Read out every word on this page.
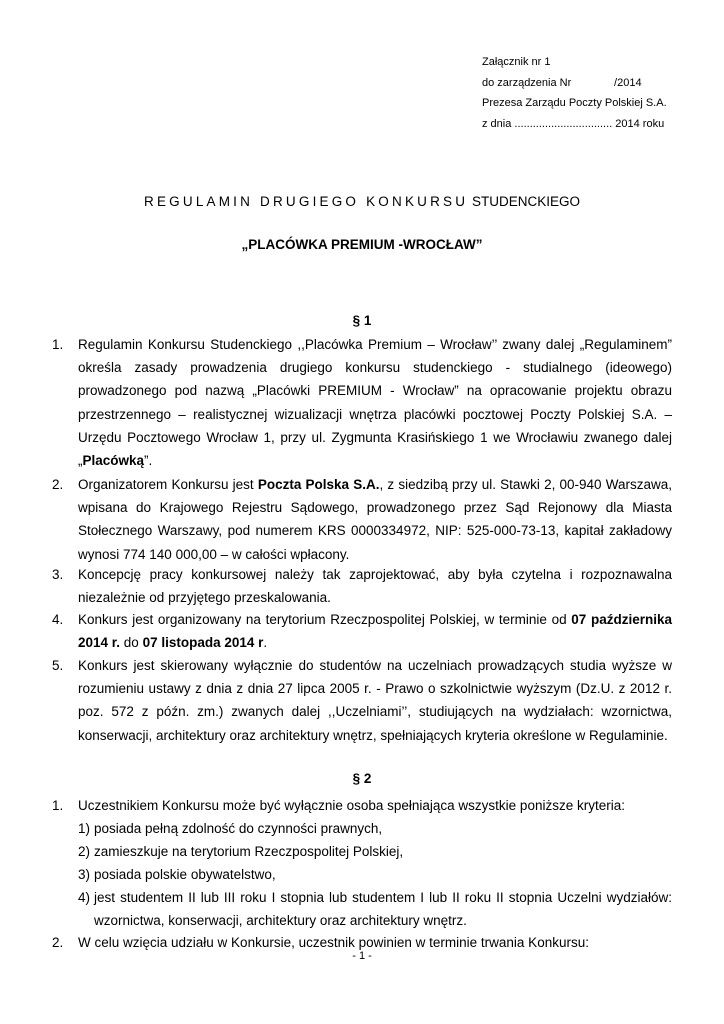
Załącznik nr 1
do zarządzenia Nr              /2014
Prezesa Zarządu Poczty Polskiej S.A.
z dnia ................................ 2014 roku
REGULAMIN DRUGIEGO KONKURSU STUDENCKIEGO
„PLACÓWKA PREMIUM -WROCŁAW”
§ 1
1. Regulamin Konkursu Studenckiego ,,Placówka Premium – Wrocław’’ zwany dalej „Regulaminem” określa zasady prowadzenia drugiego konkursu studenckiego - studialnego (ideowego) prowadzonego pod nazwą „Placówki PREMIUM - Wrocław” na opracowanie projektu obrazu przestrzennego – realistycznej wizualizacji wnętrza placówki pocztowej Poczty Polskiej S.A. – Urzędu Pocztowego Wrocław 1, przy ul. Zygmunta Krasińskiego 1 we Wrocławiu zwanego dalej „Placówką”.
2. Organizatorem Konkursu jest Poczta Polska S.A., z siedzibą przy ul. Stawki 2, 00-940 Warszawa, wpisana do Krajowego Rejestru Sądowego, prowadzonego przez Sąd Rejonowy dla Miasta Stołecznego Warszawy, pod numerem KRS 0000334972, NIP: 525-000-73-13, kapitał zakładowy wynosi 774 140 000,00 – w całości wpłacony.
3. Koncepcję pracy konkursowej należy tak zaprojektować, aby była czytelna i rozpoznawalna niezależnie od przyjętego przeskalowania.
4. Konkurs jest organizowany na terytorium Rzeczpospolitej Polskiej, w terminie od 07 października 2014 r. do 07 listopada 2014 r.
5. Konkurs jest skierowany wyłącznie do studentów na uczelniach prowadzących studia wyższe w rozumieniu ustawy z dnia z dnia 27 lipca 2005 r. - Prawo o szkolnictwie wyższym (Dz.U. z 2012 r. poz. 572 z późn. zm.) zwanych dalej ,,Uczelniami’’, studiujących na wydziałach: wzornictwa, konserwacji, architektury oraz architektury wnętrz, spełniających kryteria określone w Regulaminie.
§ 2
1. Uczestnikiem Konkursu może być wyłącznie osoba spełniająca wszystkie poniższe kryteria:
1) posiada pełną zdolność do czynności prawnych,
2) zamieszkuje na terytorium Rzeczpospolitej Polskiej,
3) posiada polskie obywatelstwo,
4) jest studentem II lub III roku I stopnia lub studentem I lub II roku II stopnia Uczelni wydziałów: wzornictwa, konserwacji, architektury oraz architektury wnętrz.
2. W celu wzięcia udziału w Konkursie, uczestnik powinien w terminie trwania Konkursu:
- 1 -
